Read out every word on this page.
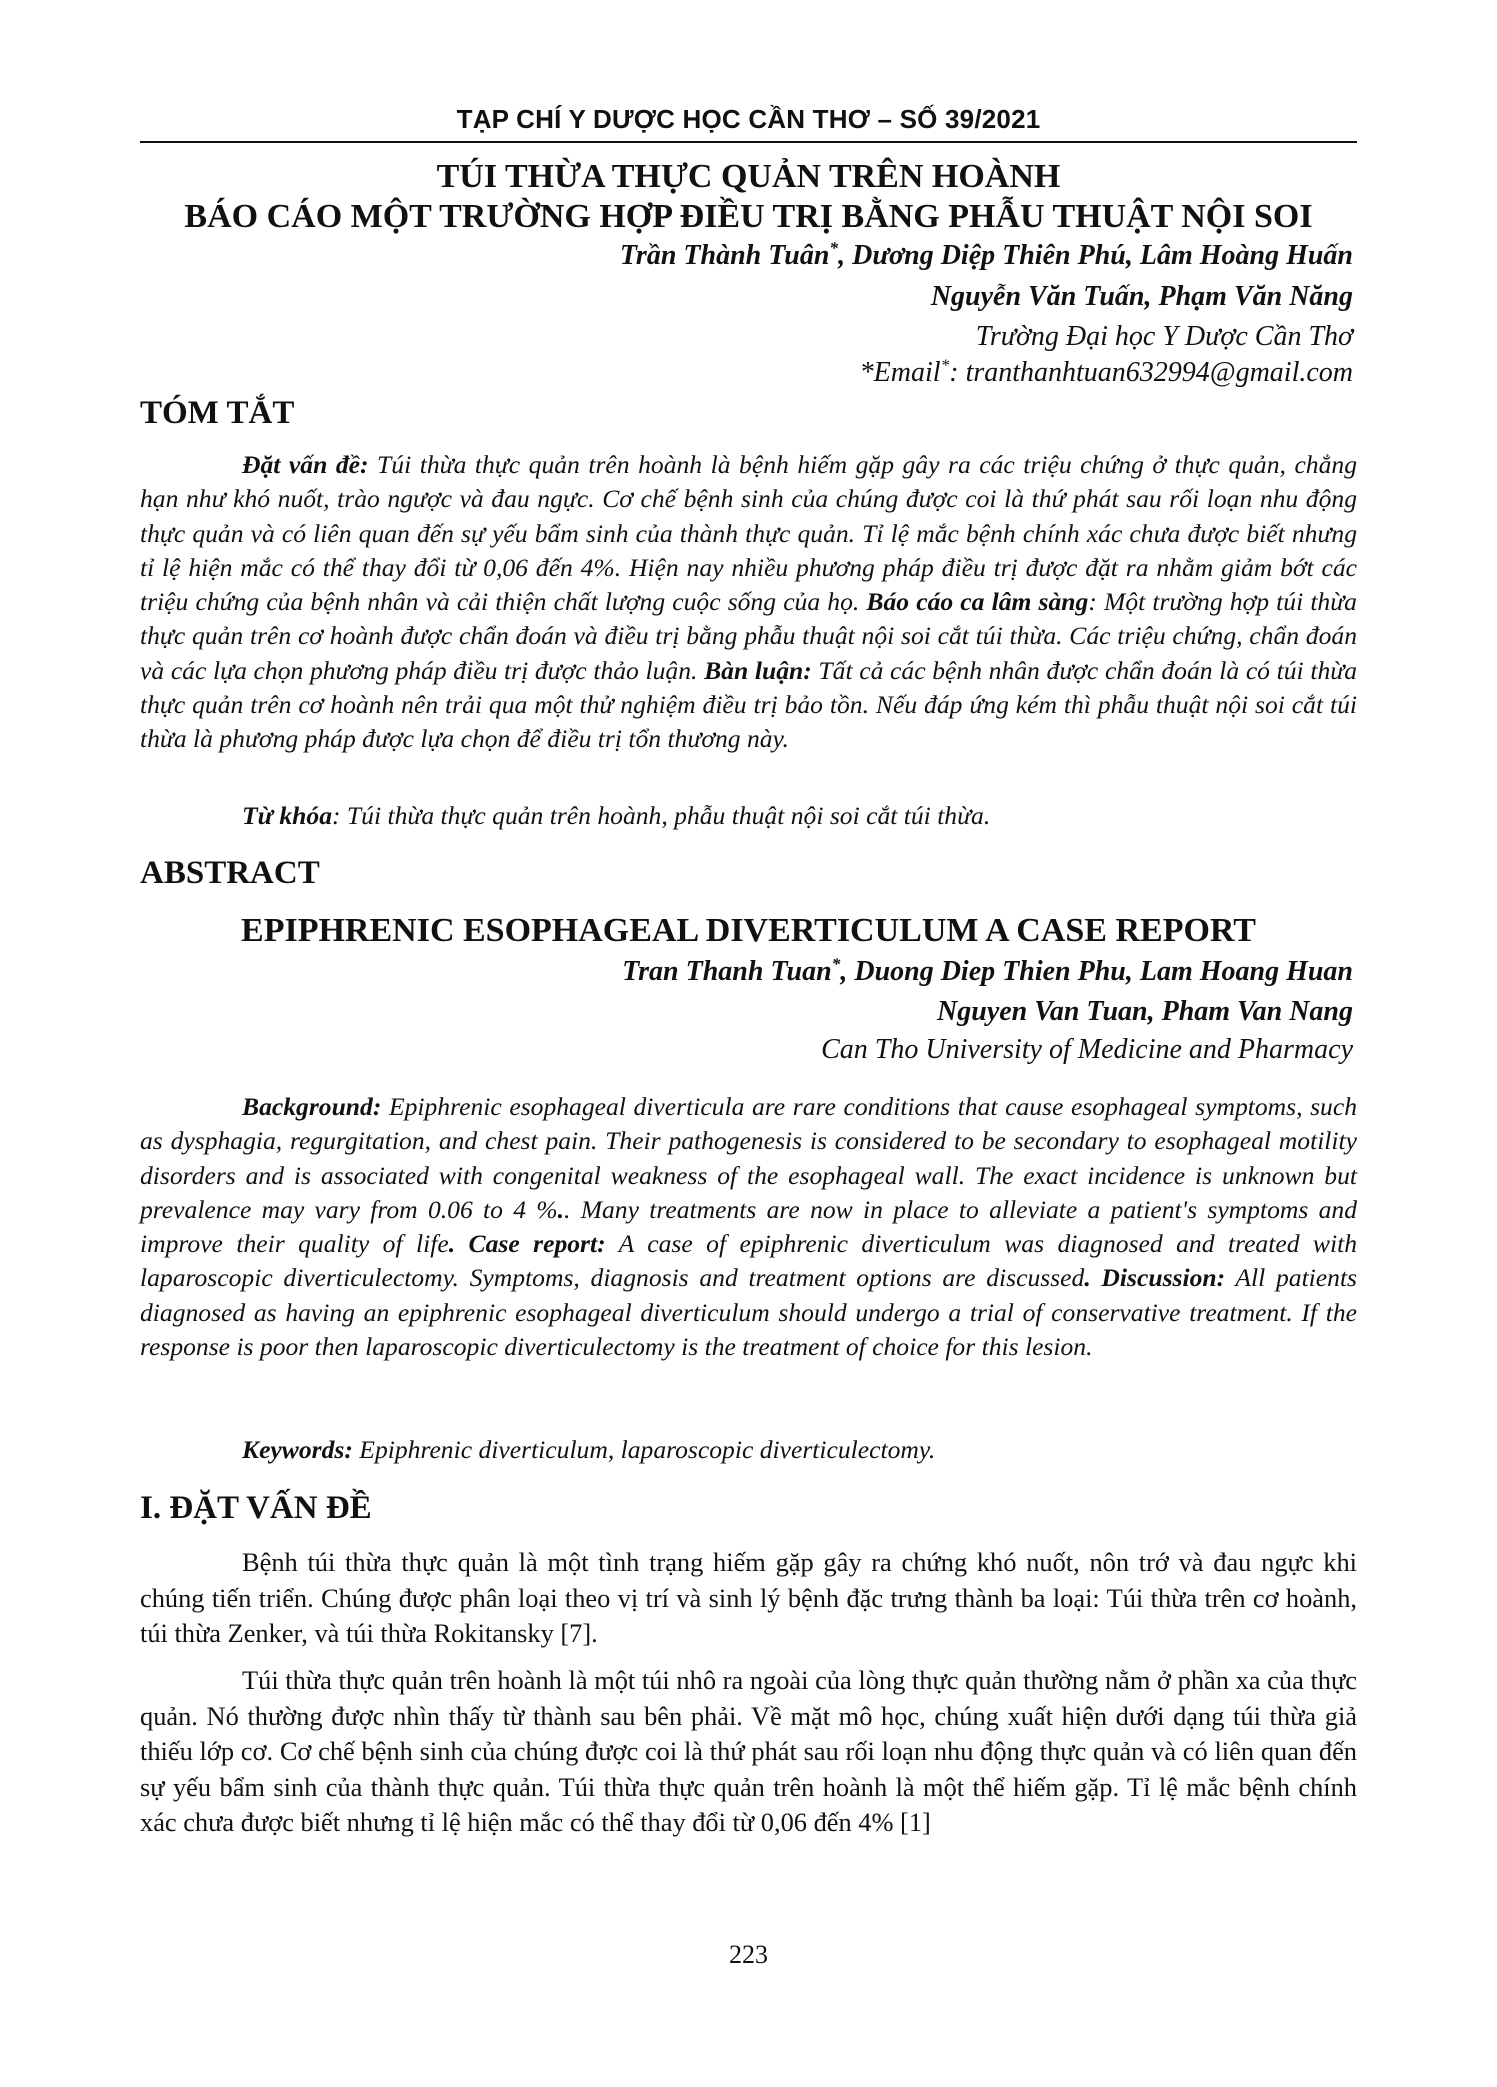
TẠP CHÍ Y DƯỢC HỌC CẦN THƠ – SỐ 39/2021
TÚI THỪA THỰC QUẢN TRÊN HOÀNH
BÁO CÁO MỘT TRƯỜNG HỢP ĐIỀU TRỊ BẰNG PHẪU THUẬT NỘI SOI
Trần Thành Tuân*, Dương Diệp Thiên Phú, Lâm Hoàng Huấn
Nguyễn Văn Tuấn, Phạm Văn Năng
Trường Đại học Y Dược Cần Thơ
*Email*: tranthanhtuan632994@gmail.com
TÓM TẮT
Đặt vấn đề: Túi thừa thực quản trên hoành là bệnh hiếm gặp gây ra các triệu chứng ở thực quản, chẳng hạn như khó nuốt, trào ngược và đau ngực. Cơ chế bệnh sinh của chúng được coi là thứ phát sau rối loạn nhu động thực quản và có liên quan đến sự yếu bẩm sinh của thành thực quản. Tỉ lệ mắc bệnh chính xác chưa được biết nhưng tỉ lệ hiện mắc có thể thay đổi từ 0,06 đến 4%. Hiện nay nhiều phương pháp điều trị được đặt ra nhằm giảm bớt các triệu chứng của bệnh nhân và cải thiện chất lượng cuộc sống của họ. Báo cáo ca lâm sàng: Một trường hợp túi thừa thực quản trên cơ hoành được chẩn đoán và điều trị bằng phẫu thuật nội soi cắt túi thừa. Các triệu chứng, chẩn đoán và các lựa chọn phương pháp điều trị được thảo luận. Bàn luận: Tất cả các bệnh nhân được chẩn đoán là có túi thừa thực quản trên cơ hoành nên trải qua một thử nghiệm điều trị bảo tồn. Nếu đáp ứng kém thì phẫu thuật nội soi cắt túi thừa là phương pháp được lựa chọn để điều trị tổn thương này.
Từ khóa: Túi thừa thực quản trên hoành, phẫu thuật nội soi cắt túi thừa.
ABSTRACT
EPIPHRENIC ESOPHAGEAL DIVERTICULUM A CASE REPORT
Tran Thanh Tuan*, Duong Diep Thien Phu, Lam Hoang Huan
Nguyen Van Tuan, Pham Van Nang
Can Tho University of Medicine and Pharmacy
Background: Epiphrenic esophageal diverticula are rare conditions that cause esophageal symptoms, such as dysphagia, regurgitation, and chest pain. Their pathogenesis is considered to be secondary to esophageal motility disorders and is associated with congenital weakness of the esophageal wall. The exact incidence is unknown but prevalence may vary from 0.06 to 4 %.. Many treatments are now in place to alleviate a patient's symptoms and improve their quality of life. Case report: A case of epiphrenic diverticulum was diagnosed and treated with laparoscopic diverticulectomy. Symptoms, diagnosis and treatment options are discussed. Discussion: All patients diagnosed as having an epiphrenic esophageal diverticulum should undergo a trial of conservative treatment. If the response is poor then laparoscopic diverticulectomy is the treatment of choice for this lesion.
Keywords: Epiphrenic diverticulum, laparoscopic diverticulectomy.
I. ĐẶT VẤN ĐỀ
Bệnh túi thừa thực quản là một tình trạng hiếm gặp gây ra chứng khó nuốt, nôn trớ và đau ngực khi chúng tiến triển. Chúng được phân loại theo vị trí và sinh lý bệnh đặc trưng thành ba loại: Túi thừa trên cơ hoành, túi thừa Zenker, và túi thừa Rokitansky [7].
Túi thừa thực quản trên hoành là một túi nhô ra ngoài của lòng thực quản thường nằm ở phần xa của thực quản. Nó thường được nhìn thấy từ thành sau bên phải. Về mặt mô học, chúng xuất hiện dưới dạng túi thừa giả thiếu lớp cơ. Cơ chế bệnh sinh của chúng được coi là thứ phát sau rối loạn nhu động thực quản và có liên quan đến sự yếu bẩm sinh của thành thực quản. Túi thừa thực quản trên hoành là một thể hiếm gặp. Tỉ lệ mắc bệnh chính xác chưa được biết nhưng tỉ lệ hiện mắc có thể thay đổi từ 0,06 đến 4% [1]
223
